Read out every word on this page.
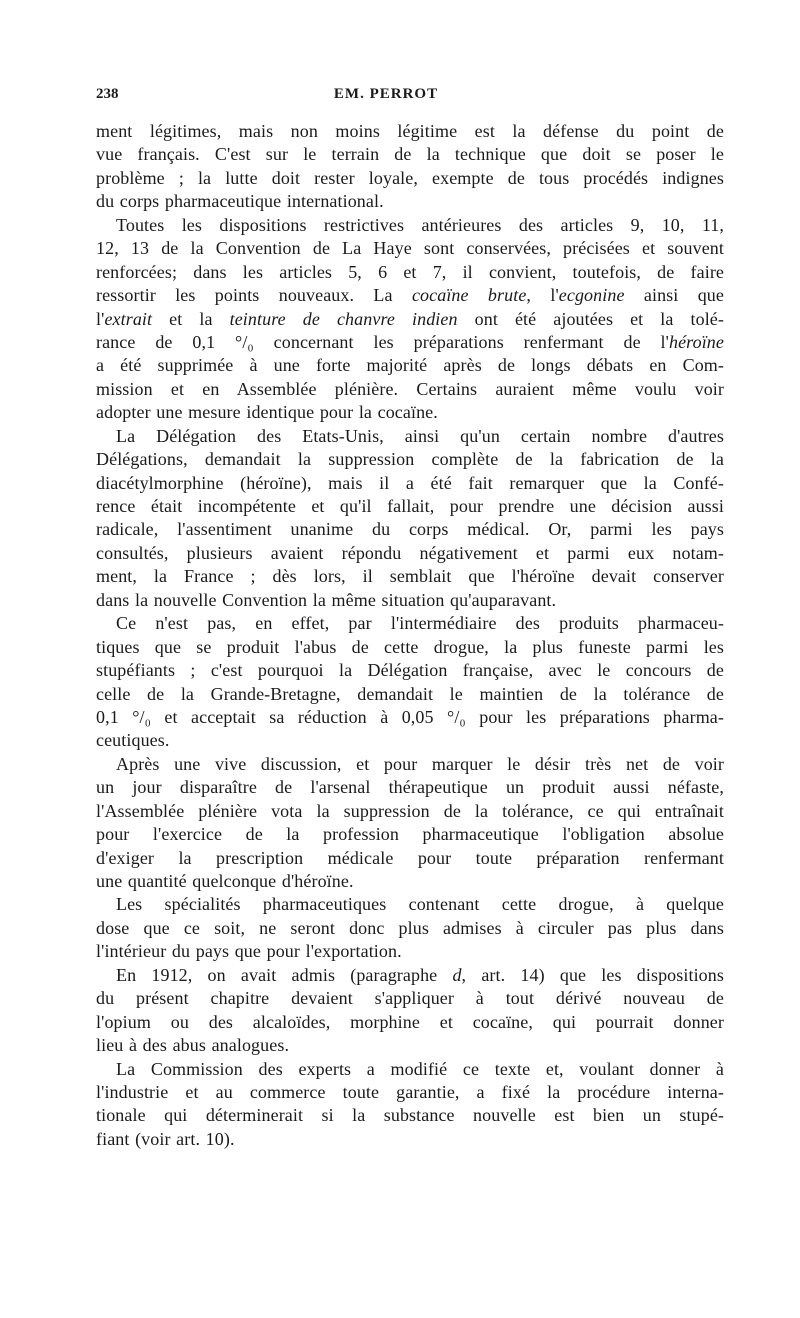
238	EM. PERROT
ment légitimes, mais non moins légitime est la défense du point de
vue français. C'est sur le terrain de la technique que doit se poser le
problème ; la lutte doit rester loyale, exempte de tous procédés indignes
du corps pharmaceutique international.
Toutes les dispositions restrictives antérieures des articles 9, 10, 11,
12, 13 de la Convention de La Haye sont conservées, précisées et souvent
renforcées; dans les articles 5, 6 et 7, il convient, toutefois, de faire
ressortir les points nouveaux. La cocaïne brute, l'ecgonine ainsi que
l'extrait et la teinture de chanvre indien ont été ajoutées et la tolé-
rance de 0,1 °/₀ concernant les préparations renfermant de l'héroïne
a été supprimée à une forte majorité après de longs débats en Com-
mission et en Assemblée plénière. Certains auraient même voulu voir
adopter une mesure identique pour la cocaïne.
La Délégation des Etats-Unis, ainsi qu'un certain nombre d'autres
Délégations, demandait la suppression complète de la fabrication de la
diacétylmorphine (héroïne), mais il a été fait remarquer que la Confé-
rence était incompétente et qu'il fallait, pour prendre une décision aussi
radicale, l'assentiment unanime du corps médical. Or, parmi les pays
consultés, plusieurs avaient répondu négativement et parmi eux notam-
ment, la France ; dès lors, il semblait que l'héroïne devait conserver
dans la nouvelle Convention la même situation qu'auparavant.
Ce n'est pas, en effet, par l'intermédiaire des produits pharmaceu-
tiques que se produit l'abus de cette drogue, la plus funeste parmi les
stupéfiants ; c'est pourquoi la Délégation française, avec le concours de
celle de la Grande-Bretagne, demandait le maintien de la tolérance de
0,1 °/₀ et acceptait sa réduction à 0,05 °/₀ pour les préparations pharma-
ceutiques.
Après une vive discussion, et pour marquer le désir très net de voir
un jour disparaître de l'arsenal thérapeutique un produit aussi néfaste,
l'Assemblée plénière vota la suppression de la tolérance, ce qui entraînait
pour l'exercice de la profession pharmaceutique l'obligation absolue
d'exiger la prescription médicale pour toute préparation renfermant
une quantité quelconque d'héroïne.
Les spécialités pharmaceutiques contenant cette drogue, à quelque
dose que ce soit, ne seront donc plus admises à circuler pas plus dans
l'intérieur du pays que pour l'exportation.
En 1912, on avait admis (paragraphe d, art. 14) que les dispositions
du présent chapitre devaient s'appliquer à tout dérivé nouveau de
l'opium ou des alcaloïdes, morphine et cocaïne, qui pourrait donner
lieu à des abus analogues.
La Commission des experts a modifié ce texte et, voulant donner à
l'industrie et au commerce toute garantie, a fixé la procédure interna-
tionale qui déterminerait si la substance nouvelle est bien un stupé-
fiant (voir art. 10).
